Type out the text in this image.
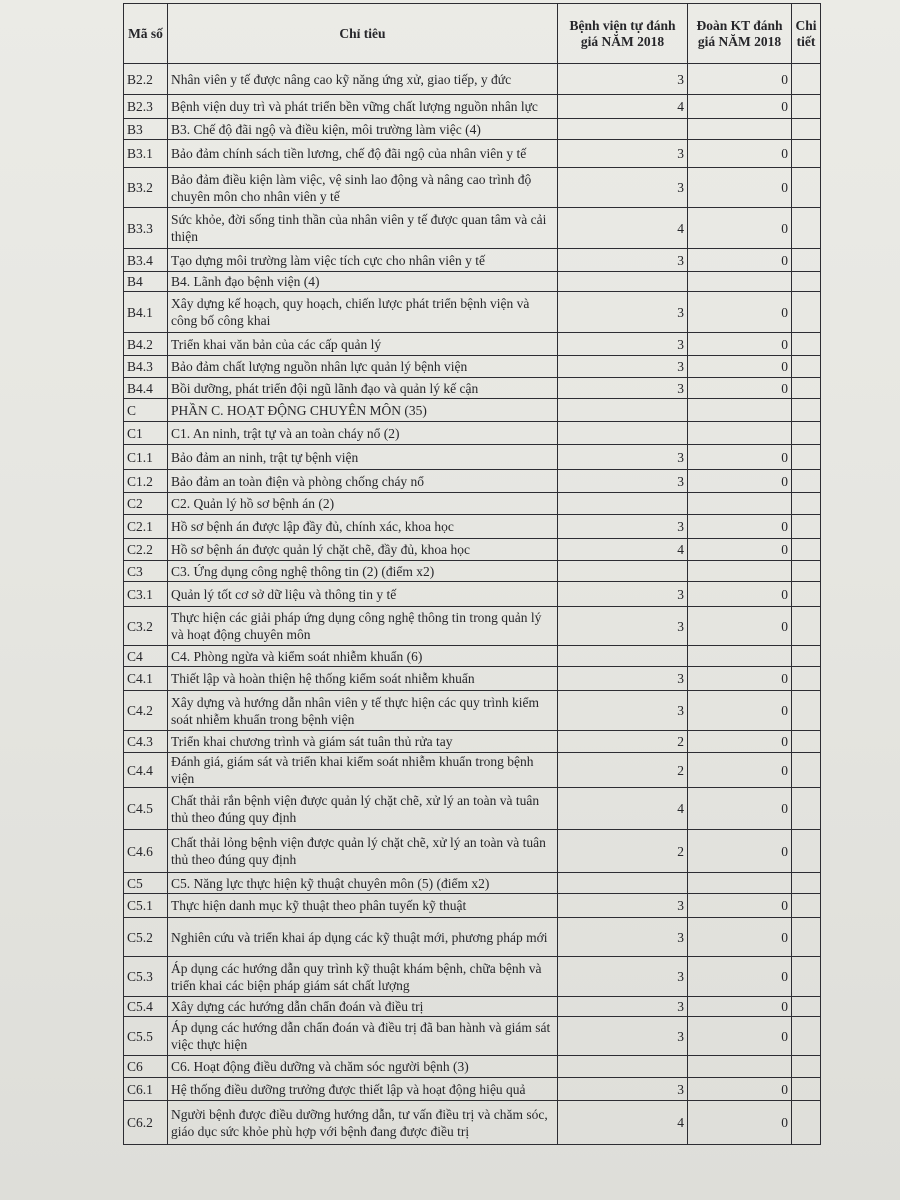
Mã số	Chỉ tiêu	Bệnh viện tự đánh giá NĂM 2018	Đoàn KT đánh giá NĂM 2018	Chi tiết
B2.2	Nhân viên y tế được nâng cao kỹ năng ứng xử, giao tiếp, y đức	3	0	
B2.3	Bệnh viện duy trì và phát triển bền vững chất lượng nguồn nhân lực	4	0	
B3	B3. Chế độ đãi ngộ và điều kiện, môi trường làm việc (4)			
B3.1	Bảo đảm chính sách tiền lương, chế độ đãi ngộ của nhân viên y tế	3	0	
B3.2	Bảo đảm điều kiện làm việc, vệ sinh lao động và nâng cao trình độ chuyên môn cho nhân viên y tế	3	0	
B3.3	Sức khỏe, đời sống tinh thần của nhân viên y tế được quan tâm và cải thiện	4	0	
B3.4	Tạo dựng môi trường làm việc tích cực cho nhân viên y tế	3	0	
B4	B4. Lãnh đạo bệnh viện (4)			
B4.1	Xây dựng kế hoạch, quy hoạch, chiến lược phát triển bệnh viện và công bố công khai	3	0	
B4.2	Triển khai văn bản của các cấp quản lý	3	0	
B4.3	Bảo đảm chất lượng nguồn nhân lực quản lý bệnh viện	3	0	
B4.4	Bồi dưỡng, phát triển đội ngũ lãnh đạo và quản lý kế cận	3	0	
C	PHẦN C. HOẠT ĐỘNG CHUYÊN MÔN (35)			
C1	C1. An ninh, trật tự và an toàn cháy nổ (2)			
C1.1	Bảo đảm an ninh, trật tự bệnh viện	3	0	
C1.2	Bảo đảm an toàn điện và phòng chống cháy nổ	3	0	
C2	C2. Quản lý hồ sơ bệnh án (2)			
C2.1	Hồ sơ bệnh án được lập đầy đủ, chính xác, khoa học	3	0	
C2.2	Hồ sơ bệnh án được quản lý chặt chẽ, đầy đủ, khoa học	4	0	
C3	C3. Ứng dụng công nghệ thông tin (2) (điểm x2)			
C3.1	Quản lý tốt cơ sở dữ liệu và thông tin y tế	3	0	
C3.2	Thực hiện các giải pháp ứng dụng công nghệ thông tin trong quản lý và hoạt động chuyên môn	3	0	
C4	C4. Phòng ngừa và kiểm soát nhiễm khuẩn (6)			
C4.1	Thiết lập và hoàn thiện hệ thống kiểm soát nhiễm khuẩn	3	0	
C4.2	Xây dựng và hướng dẫn nhân viên y tế thực hiện các quy trình kiểm soát nhiễm khuẩn trong bệnh viện	3	0	
C4.3	Triển khai chương trình và giám sát tuân thủ rửa tay	2	0	
C4.4	Đánh giá, giám sát và triển khai kiểm soát nhiễm khuẩn trong bệnh viện	2	0	
C4.5	Chất thải rắn bệnh viện được quản lý chặt chẽ, xử lý an toàn và tuân thủ theo đúng quy định	4	0	
C4.6	Chất thải lỏng bệnh viện được quản lý chặt chẽ, xử lý an toàn và tuân thủ theo đúng quy định	2	0	
C5	C5. Năng lực thực hiện kỹ thuật chuyên môn (5) (điểm x2)			
C5.1	Thực hiện danh mục kỹ thuật theo phân tuyến kỹ thuật	3	0	
C5.2	Nghiên cứu và triển khai áp dụng các kỹ thuật mới, phương pháp mới	3	0	
C5.3	Áp dụng các hướng dẫn quy trình kỹ thuật khám bệnh, chữa bệnh và triển khai các biện pháp giám sát chất lượng	3	0	
C5.4	Xây dựng các hướng dẫn chẩn đoán và điều trị	3	0	
C5.5	Áp dụng các hướng dẫn chẩn đoán và điều trị đã ban hành và giám sát việc thực hiện	3	0	
C6	C6. Hoạt động điều dưỡng và chăm sóc người bệnh (3)			
C6.1	Hệ thống điều dưỡng trưởng được thiết lập và hoạt động hiệu quả	3	0	
C6.2	Người bệnh được điều dưỡng hướng dẫn, tư vấn điều trị và chăm sóc, giáo dục sức khỏe phù hợp với bệnh đang được điều trị	4	0	
